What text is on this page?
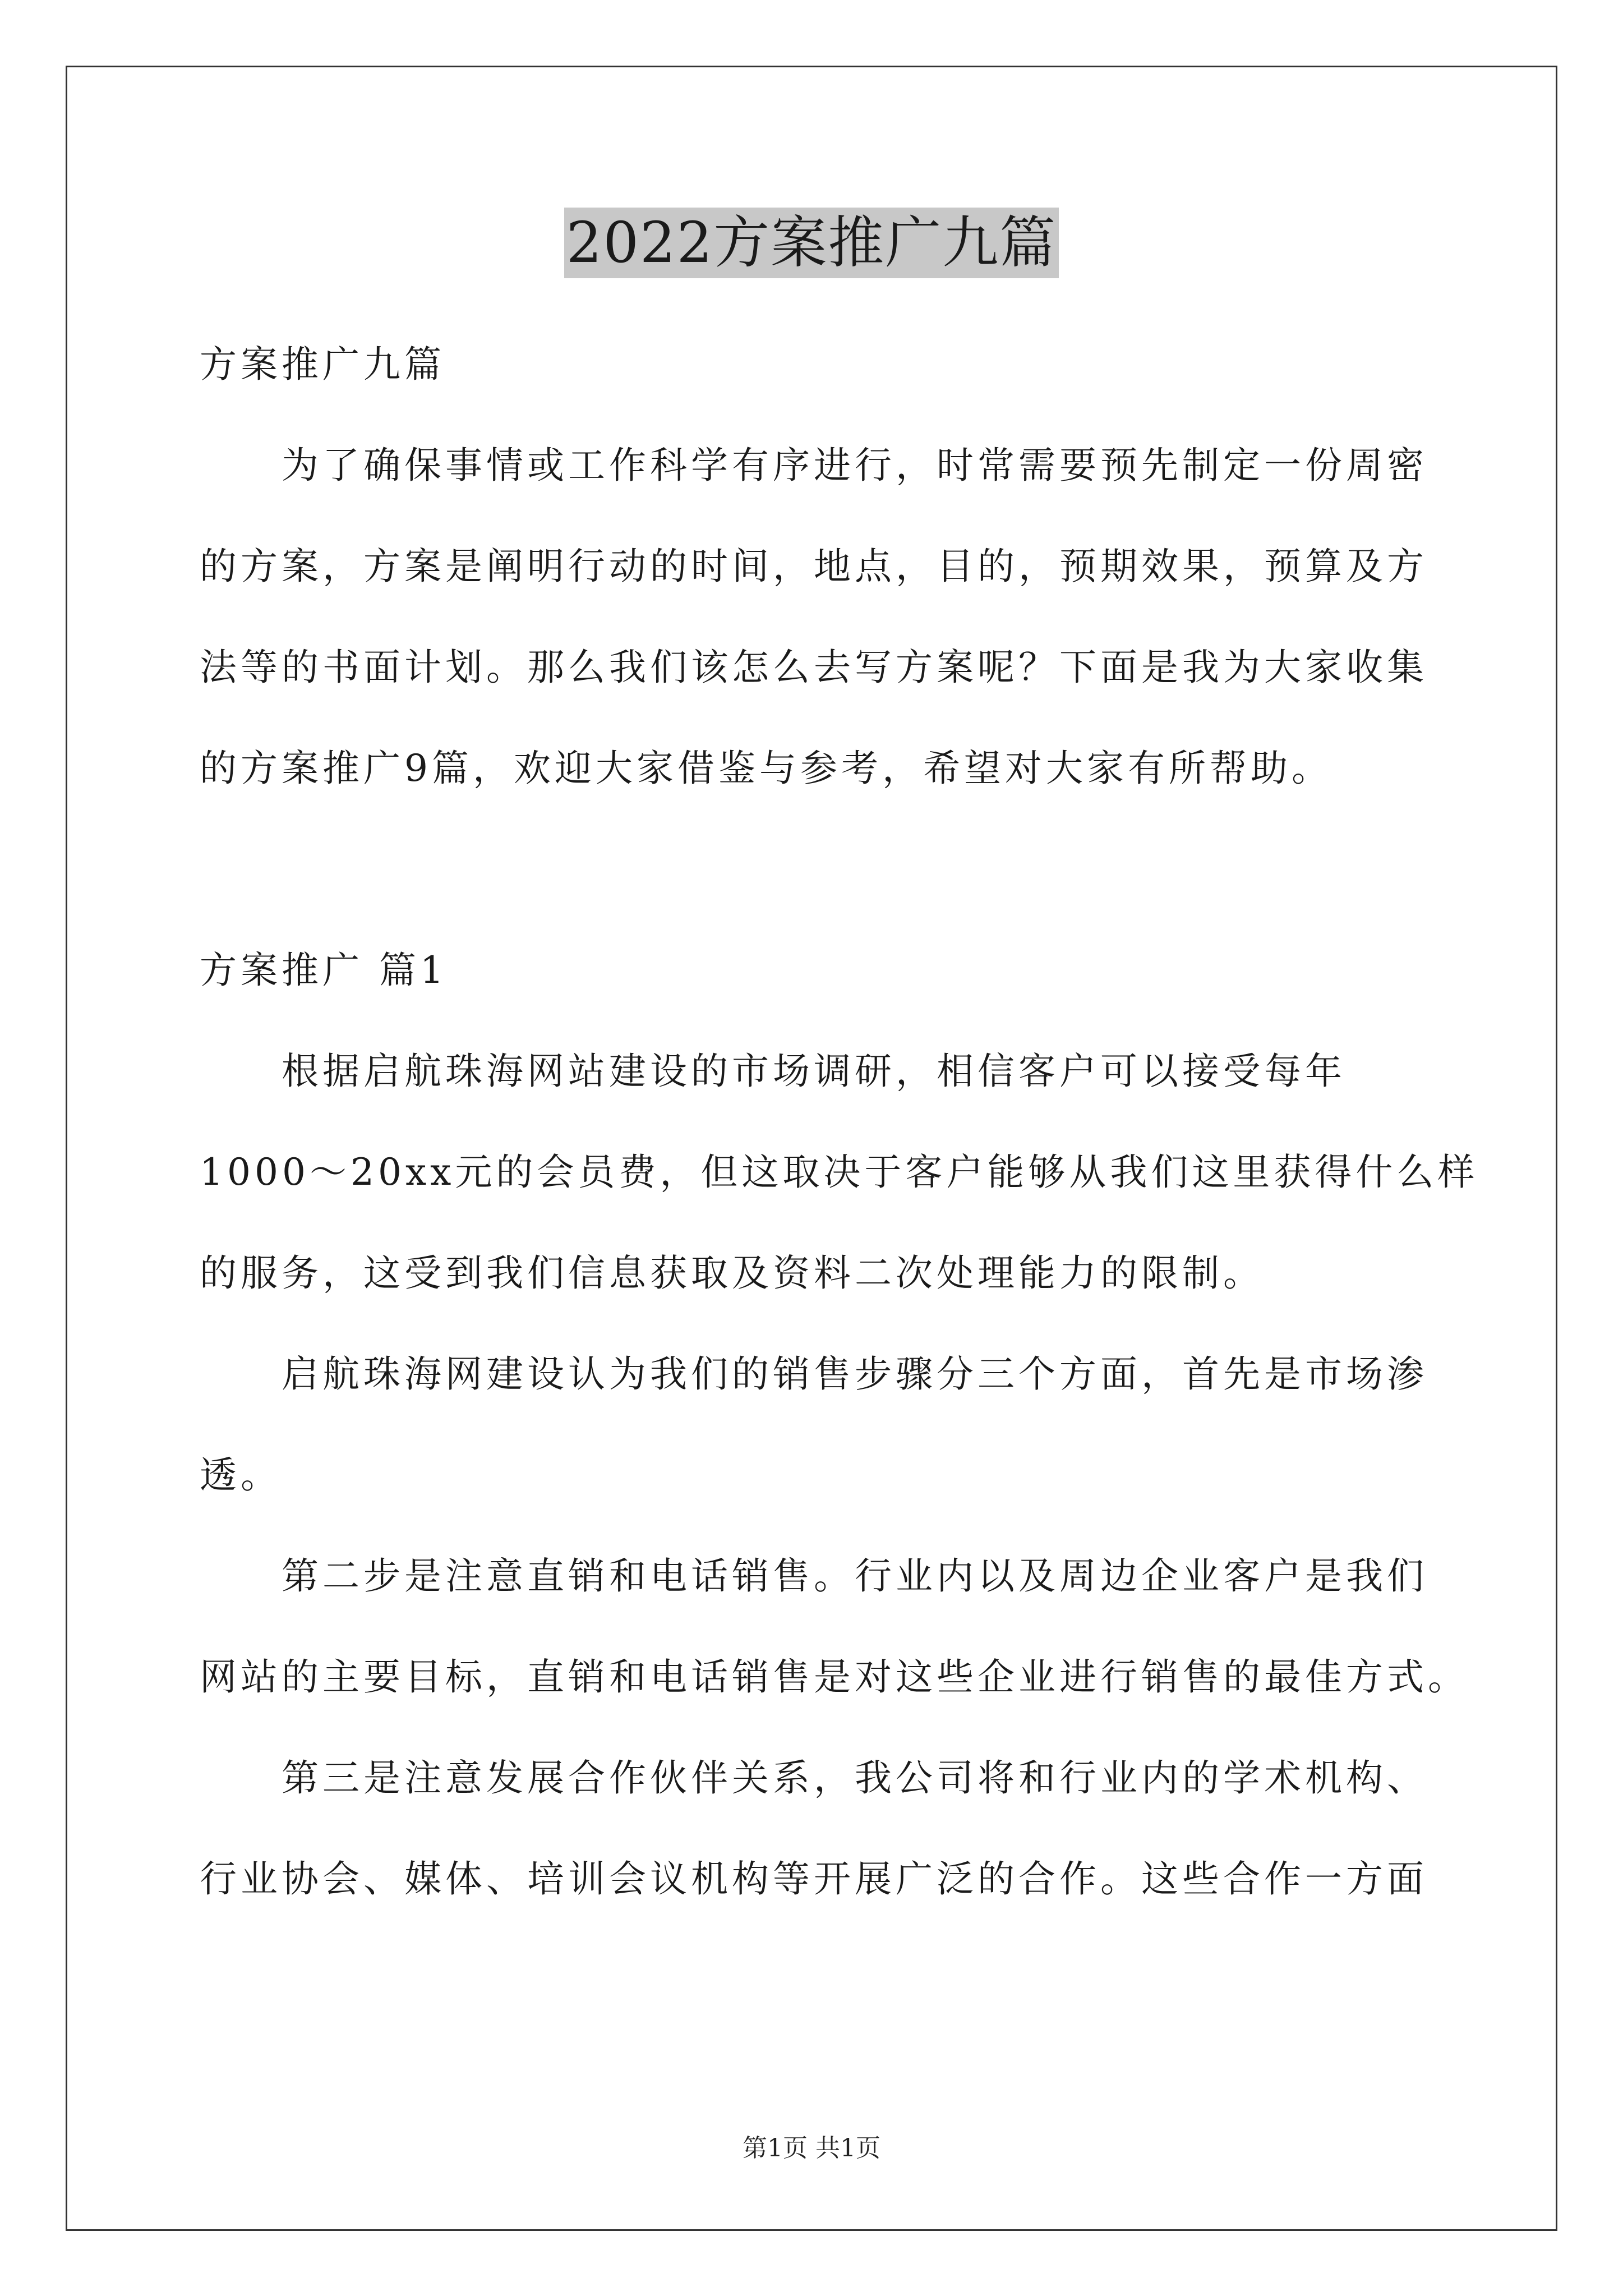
2022方案推广九篇
方案推广九篇
为了确保事情或工作科学有序进行，时常需要预先制定一份周密
的方案，方案是阐明行动的时间，地点，目的，预期效果，预算及方
法等的书面计划。那么我们该怎么去写方案呢？下面是我为大家收集
的方案推广9篇，欢迎大家借鉴与参考，希望对大家有所帮助。
方案推广 篇1
根据启航珠海网站建设的市场调研，相信客户可以接受每年
1000～20xx元的会员费，但这取决于客户能够从我们这里获得什么样
的服务，这受到我们信息获取及资料二次处理能力的限制。
启航珠海网建设认为我们的销售步骤分三个方面，首先是市场渗
透。
第二步是注意直销和电话销售。行业内以及周边企业客户是我们
网站的主要目标，直销和电话销售是对这些企业进行销售的最佳方式。
第三是注意发展合作伙伴关系，我公司将和行业内的学术机构、
行业协会、媒体、培训会议机构等开展广泛的合作。这些合作一方面
第1页 共1页
